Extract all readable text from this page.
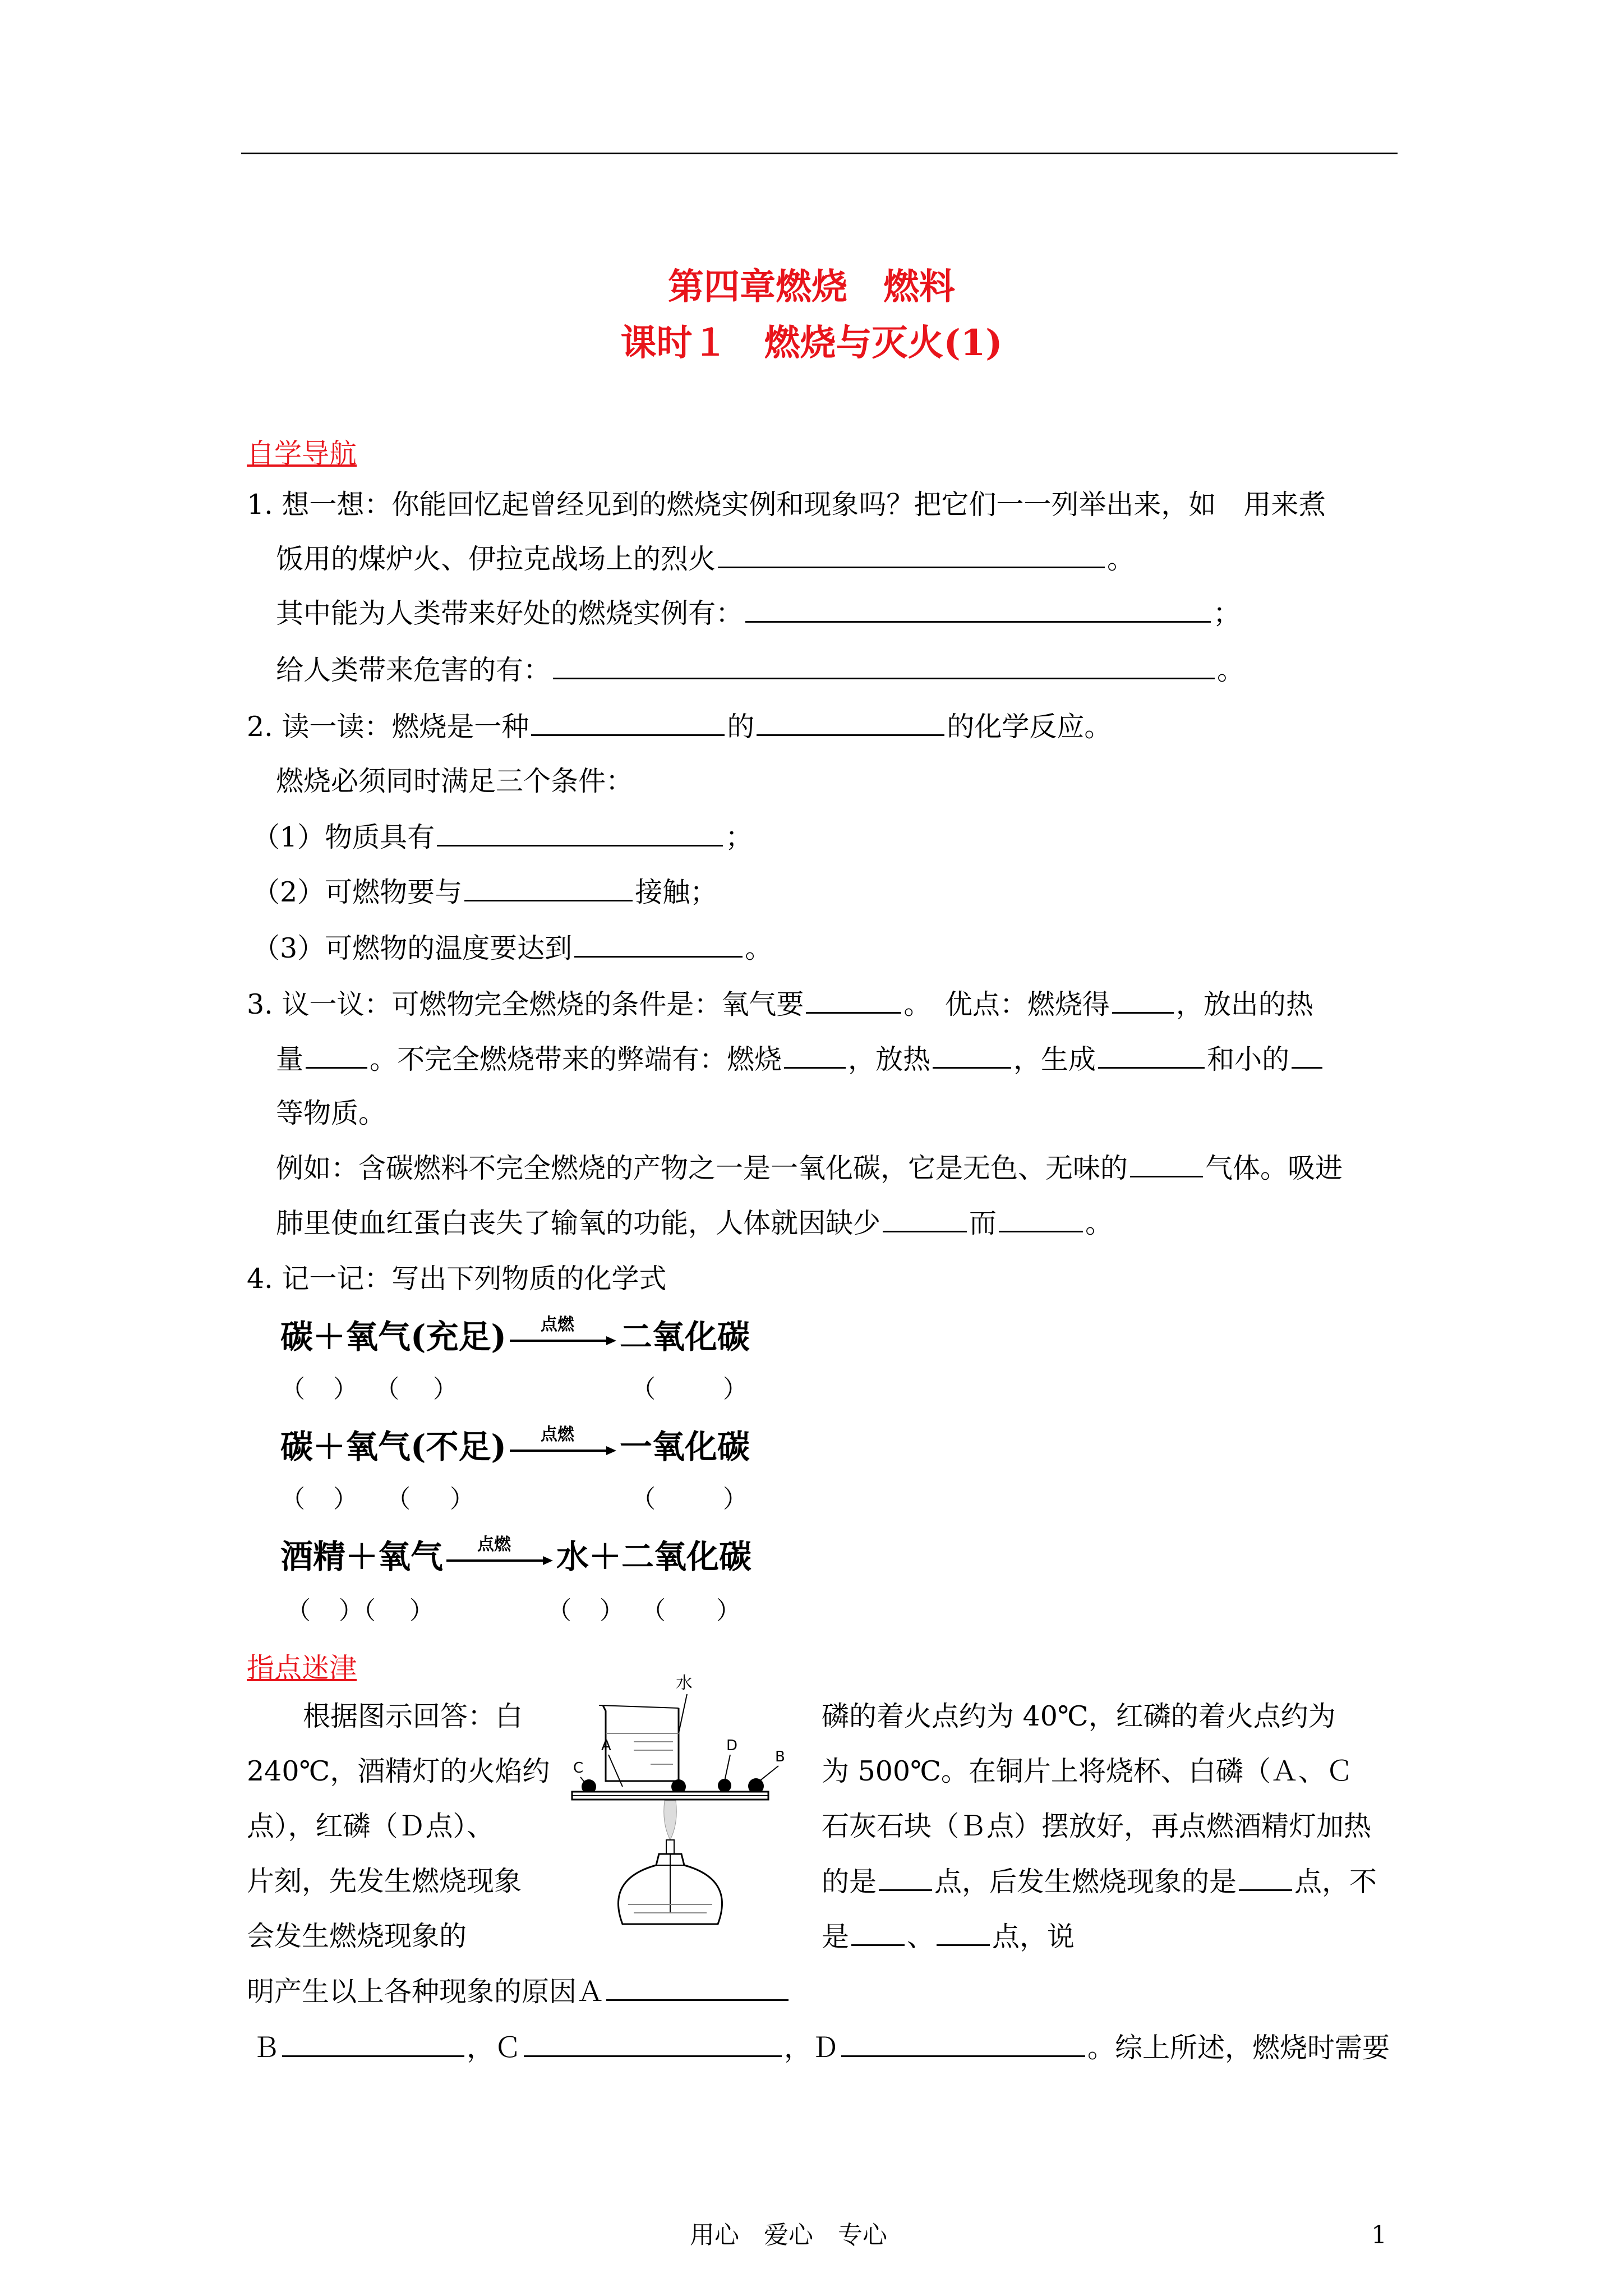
第四章燃烧　燃料
课时１　燃烧与灭火(1)
自学导航
1. 想一想：你能回忆起曾经见到的燃烧实例和现象吗？把它们一一列举出来，如　用来煮
饭用的煤炉火、伊拉克战场上的烈火	。
其中能为人类带来好处的燃烧实例有：	；
给人类带来危害的有：	。
2. 读一读：燃烧是一种	的	的化学反应。
燃烧必须同时满足三个条件：
（1）物质具有	；
（2）可燃物要与	接触；
（3）可燃物的温度要达到	。
3. 议一议：可燃物完全燃烧的条件是：氧气要	。　优点：燃烧得 ，放出的热
量 。不完全燃烧带来的弊端有：燃烧 ，放热	，生成	和小的
等物质。
例如：含碳燃料不完全燃烧的产物之一是一氧化碳，它是无色、无味的	气体。吸进
肺里使血红蛋白丧失了输氧的功能，人体就因缺少	而	。
4. 记一记：写出下列物质的化学式
碳＋氧气(充足)	点燃	二氧化碳
（ ） （ ）	（	）
碳＋氧气(不足)	点燃	一氧化碳
（ ） （ ）	（	）
酒精＋氧气	点燃	水＋二氧化碳
（ ）（ ）	（ ） （ ）
指点迷津
根据图示回答：白	磷的着火点约为 40℃，红磷的着火点约为
240℃，酒精灯的火焰约	为 500℃。在铜片上将烧杯、白磷（Ａ、Ｃ
点），红磷（Ｄ点）、	石灰石块（Ｂ点）摆放好，再点燃酒精灯加热
片刻，先发生燃烧现象	的是 点，后发生燃烧现象的是 点，不
会发生燃烧现象的	是 、 点，说
明产生以上各种现象的原因Ａ
Ｂ	，Ｃ	，Ｄ	。综上所述，燃烧时需要
水
A	D
B
C
用心　爱心　专心	1
